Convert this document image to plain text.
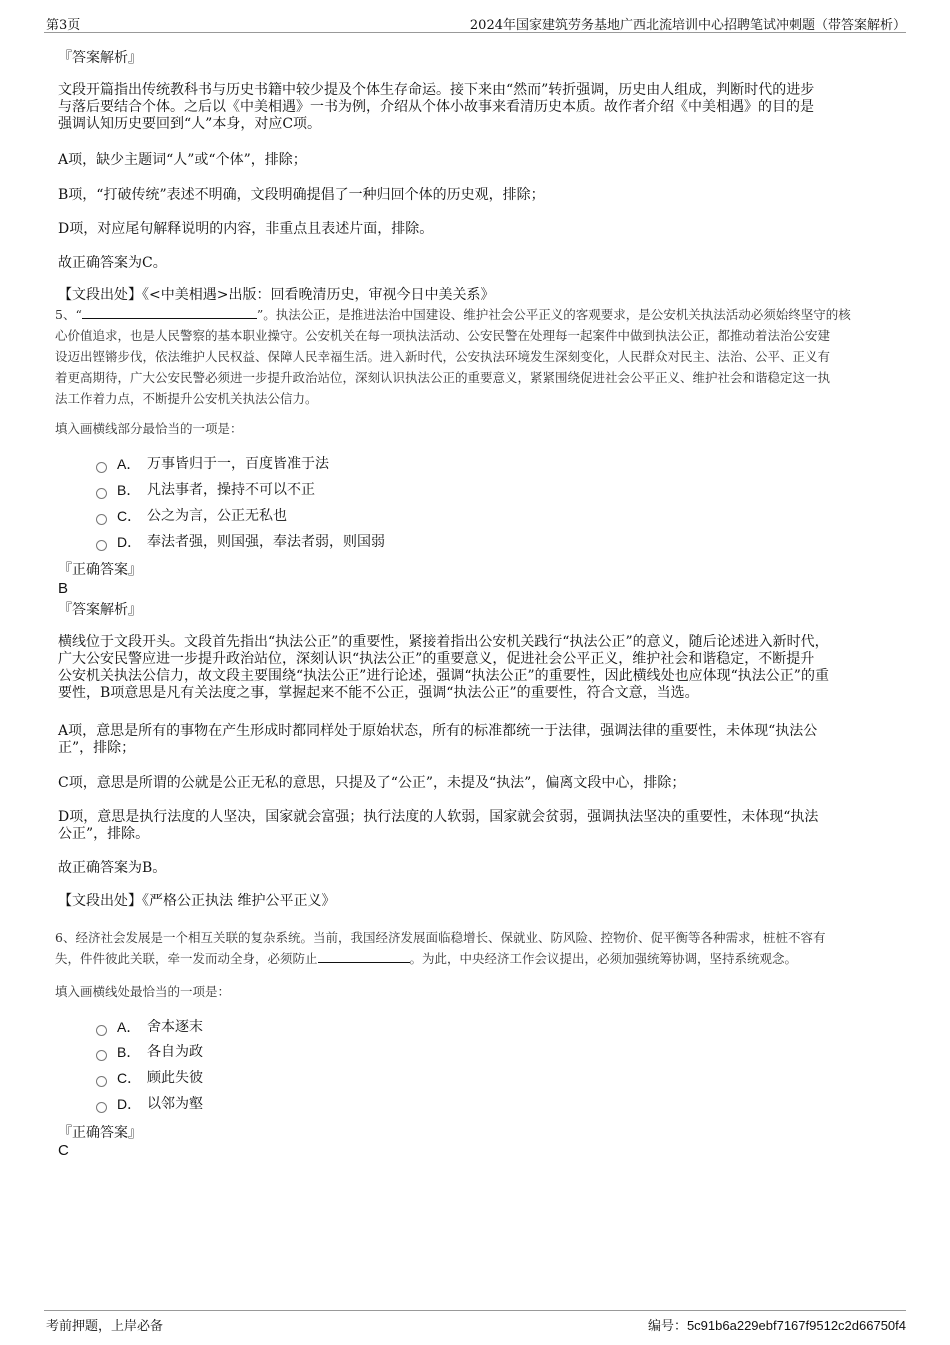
第3页	2024年国家建筑劳务基地广西北流培训中心招聘笔试冲刺题（带答案解析）
『答案解析』
文段开篇指出传统教科书与历史书籍中较少提及个体生存命运。接下来由“然而”转折强调，历史由人组成，判断时代的进步
与落后要结合个体。之后以《中美相遇》一书为例，介绍从个体小故事来看清历史本质。故作者介绍《中美相遇》的目的是
强调认知历史要回到“人”本身，对应C项。
A项，缺少主题词“人”或“个体”，排除；
B项，“打破传统”表述不明确，文段明确提倡了一种归回个体的历史观，排除；
D项，对应尾句解释说明的内容，非重点且表述片面，排除。
故正确答案为C。
【文段出处】《<中美相遇>出版：回看晚清历史，审视今日中美关系》
5、“	”。执法公正，是推进法治中国建设、维护社会公平正义的客观要求，是公安机关执法活动必须始终坚守的核
心价值追求，也是人民警察的基本职业操守。公安机关在每一项执法活动、公安民警在处理每一起案件中做到执法公正，都推动着法治公安建
设迈出铿锵步伐，依法维护人民权益、保障人民幸福生活。进入新时代，公安执法环境发生深刻变化，人民群众对民主、法治、公平、正义有
着更高期待，广大公安民警必须进一步提升政治站位，深刻认识执法公正的重要意义，紧紧围绕促进社会公平正义、维护社会和谐稳定这一执
法工作着力点，不断提升公安机关执法公信力。
填入画横线部分最恰当的一项是：
A． 万事皆归于一，百度皆准于法
B． 凡法事者，操持不可以不正
C． 公之为言，公正无私也
D． 奉法者强，则国强，奉法者弱，则国弱
『正确答案』
B
『答案解析』
横线位于文段开头。文段首先指出“执法公正”的重要性，紧接着指出公安机关践行“执法公正”的意义，随后论述进入新时代，
广大公安民警应进一步提升政治站位，深刻认识“执法公正”的重要意义，促进社会公平正义，维护社会和谐稳定，不断提升
公安机关执法公信力，故文段主要围绕“执法公正”进行论述，强调“执法公正”的重要性，因此横线处也应体现“执法公正”的重
要性，B项意思是凡有关法度之事，掌握起来不能不公正，强调“执法公正”的重要性，符合文意，当选。
A项，意思是所有的事物在产生形成时都同样处于原始状态，所有的标准都统一于法律，强调法律的重要性，未体现“执法公
正”，排除；
C项，意思是所谓的公就是公正无私的意思，只提及了“公正”，未提及“执法”，偏离文段中心，排除；
D项，意思是执行法度的人坚决，国家就会富强；执行法度的人软弱，国家就会贫弱，强调执法坚决的重要性，未体现“执法
公正”，排除。
故正确答案为B。
【文段出处】《严格公正执法 维护公平正义》
6、经济社会发展是一个相互关联的复杂系统。当前，我国经济发展面临稳增长、保就业、防风险、控物价、促平衡等各种需求，桩桩不容有
失，件件彼此关联，牵一发而动全身，必须防止	。为此，中央经济工作会议提出，必须加强统筹协调，坚持系统观念。
填入画横线处最恰当的一项是：
A． 舍本逐末
B． 各自为政
C． 顾此失彼
D． 以邻为壑
『正确答案』
C
考前押题，上岸必备	编号：5c91b6a229ebf7167f9512c2d66750f4
